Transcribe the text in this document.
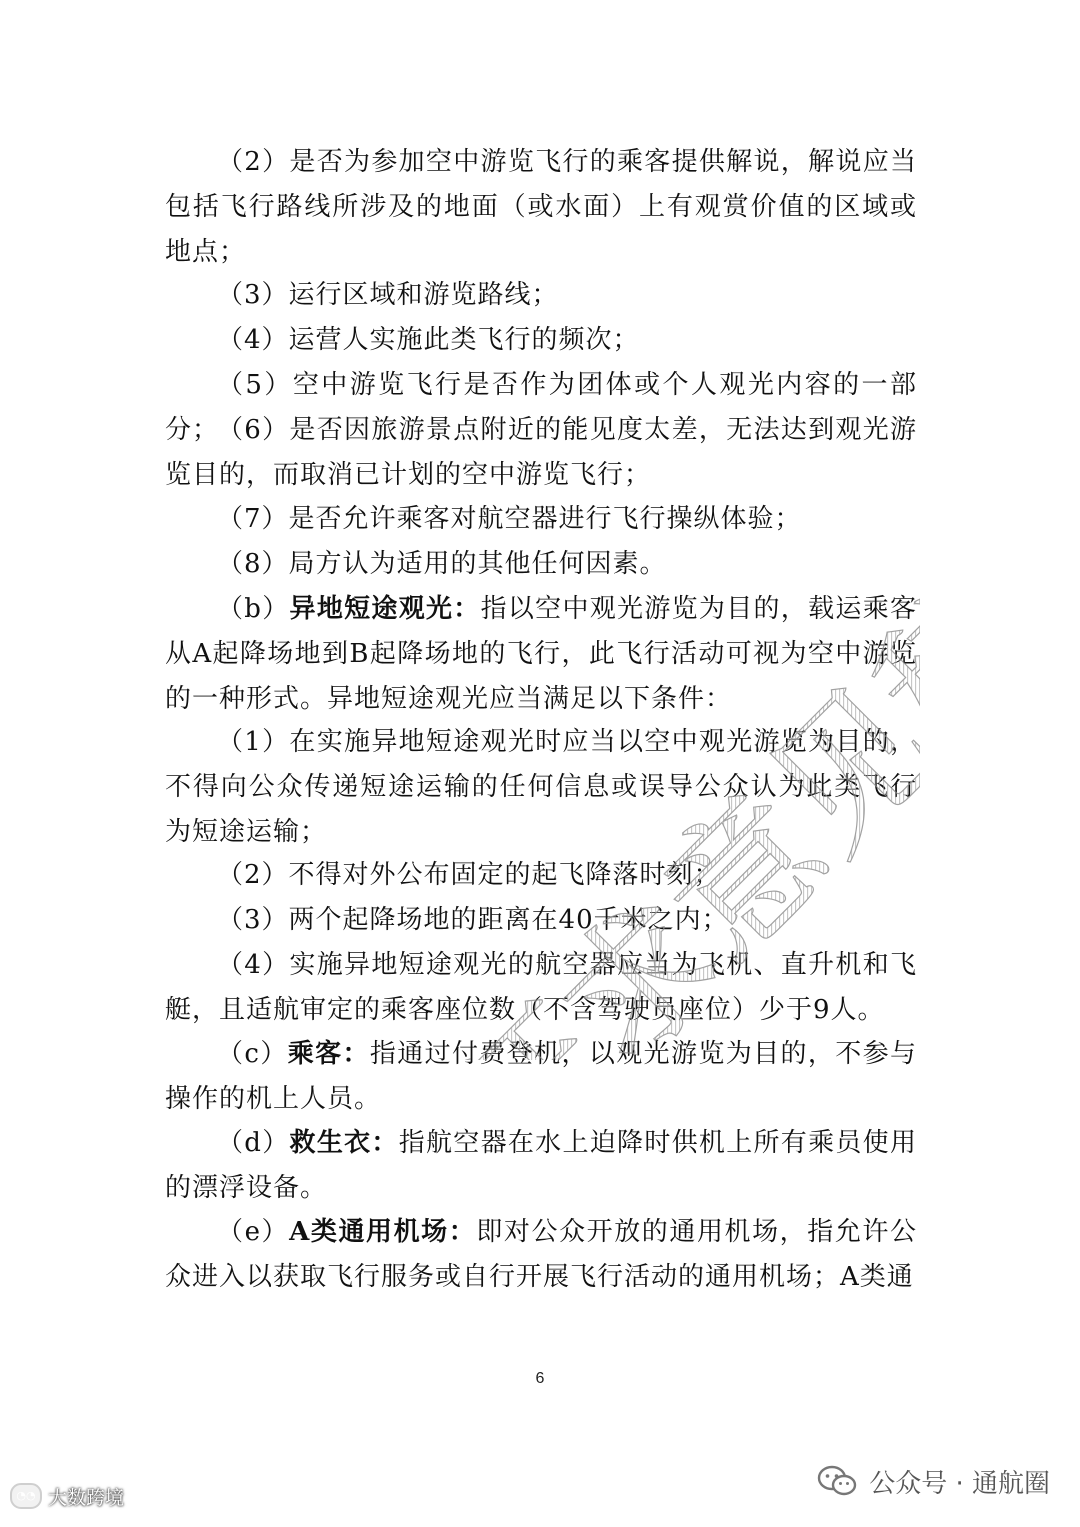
（2）是否为参加空中游览飞行的乘客提供解说，解说应当包括飞行路线所涉及的地面（或水面）上有观赏价值的区域或地点；
（3）运行区域和游览路线；
（4）运营人实施此类飞行的频次；
（5）空中游览飞行是否作为团体或个人观光内容的一部分；
（6）是否因旅游景点附近的能见度太差，无法达到观光游览目的，而取消已计划的空中游览飞行；
（7）是否允许乘客对航空器进行飞行操纵体验；
（8）局方认为适用的其他任何因素。
（b）异地短途观光：指以空中观光游览为目的，载运乘客从A起降场地到B起降场地的飞行，此飞行活动可视为空中游览的一种形式。异地短途观光应当满足以下条件：
（1）在实施异地短途观光时应当以空中观光游览为目的，不得向公众传递短途运输的任何信息或误导公众认为此类飞行为短途运输；
（2）不得对外公布固定的起飞降落时刻；
（3）两个起降场地的距离在40千米之内；
（4）实施异地短途观光的航空器应当为飞机、直升机和飞艇，且适航审定的乘客座位数（不含驾驶员座位）少于9人。
（c）乘客：指通过付费登机，以观光游览为目的，不参与操作的机上人员。
（d）救生衣：指航空器在水上迫降时供机上所有乘员使用的漂浮设备。
（e）A类通用机场：即对公众开放的通用机场，指允许公众进入以获取飞行服务或自行开展飞行活动的通用机场；A类通
征求意见稿
6
◔◔ 大数跨境	公众号 · 通航圈
